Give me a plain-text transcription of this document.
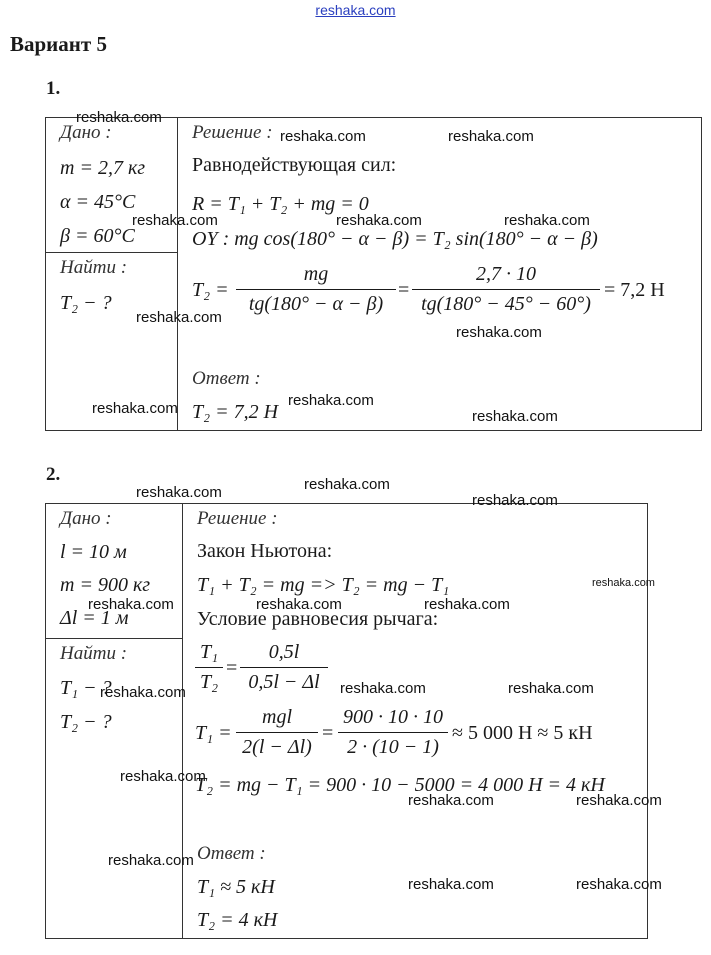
reshaka.com
Вариант 5
1.
Дано :
m = 2,7 кг
α = 45°C
β = 60°C
Найти :
T₂ − ?
Решение :
Равнодействующая сил:
R = T₁ + T₂ + mg = 0
OY : mg cos(180° − α − β) = T₂ sin(180° − α − β)
T₂ =
mg
tg(180° − α − β)
=
2,7 · 10
tg(180° − 45° − 60°)
= 7,2 Н
Ответ :
T₂ = 7,2 Н
2.
Дано :
l = 10 м
m = 900 кг
Δl = 1 м
Найти :
T₁ − ?
T₂ − ?
Решение :
Закон Ньютона:
T₁ + T₂ = mg => T₂ = mg − T₁
Условие равновесия рычага:
T₁
T₂
=
0,5l
0,5l − Δl
T₁ =
mgl
2(l − Δl)
=
900 · 10 · 10
2 · (10 − 1)
≈ 5 000 Н ≈ 5 кН
T₂ = mg − T₁ = 900 · 10 − 5000 = 4 000 Н = 4 кН
Ответ :
T₁ ≈ 5 кН
T₂ = 4 кН
reshaka.com
reshaka.com	reshaka.com
reshaka.com	reshaka.com	reshaka.com
reshaka.com
reshaka.com
reshaka.com	reshaka.com
reshaka.com
reshaka.com	reshaka.com
reshaka.com
reshaka.com
reshaka.com	reshaka.com	reshaka.com
reshaka.com	reshaka.com	reshaka.com
reshaka.com
reshaka.com	reshaka.com
reshaka.com
reshaka.com	reshaka.com
